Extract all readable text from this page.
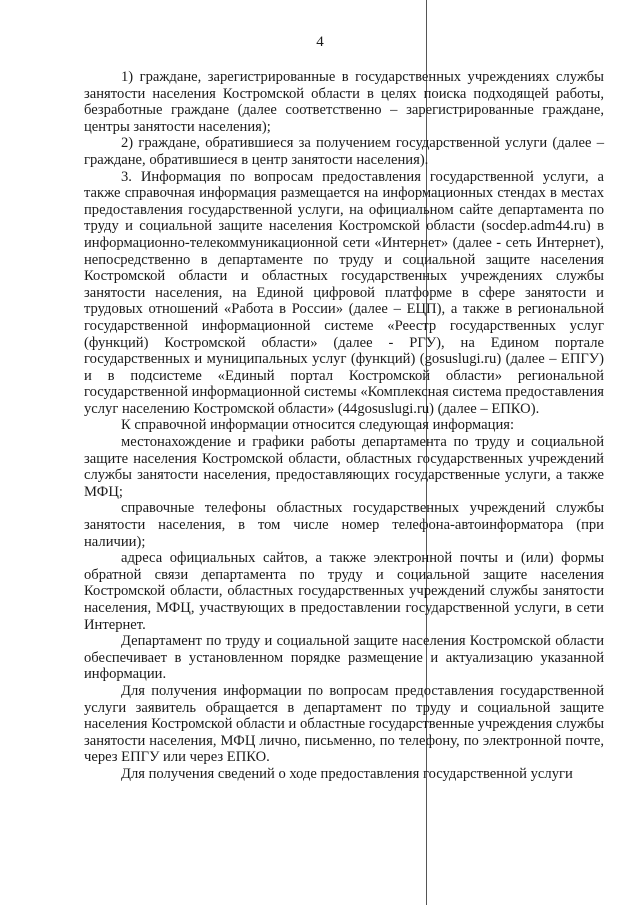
4

1) граждане, зарегистрированные в государственных учреждениях службы занятости населения Костромской области в целях поиска подходящей работы, безработные граждане (далее соответственно – зарегистрированные граждане, центры занятости населения);

2) гражданe, обратившиеся за получением государственной услуги (далее – граждане, обратившиеся в центр занятости населения).

3. Информация по вопросам предоставления государственной услуги, а также справочная информация размещается на информационных стендах в местах предоставления государственной услуги, на официальном сайте департамента по труду и социальной защите населения Костромской области (socdep.adm44.ru) в информационно-телекоммуникационной сети «Интернет» (далее - сеть Интернет), непосредственно в департаменте по труду и социальной защите населения Костромской области и областных государственных учреждениях службы занятости населения, на Единой цифровой платформе в сфере занятости и трудовых отношений «Работа в России» (далее – ЕЦП), а также в региональной государственной информационной системе «Реестр государственных услуг (функций) Костромской области» (далее - РГУ), на Едином портале государственных и муниципальных услуг (функций) (gosuslugi.ru) (далее – ЕПГУ) и в подсистеме «Единый портал Костромской области» региональной государственной информационной системы «Комплексная система предоставления услуг населению Костромской области» (44gosuslugi.ru) (далее – ЕПКО).

К справочной информации относится следующая информация:

местонахождение и графики работы департамента по труду и социальной защите населения Костромской области, областных государственных учреждений службы занятости населения, предоставляющих государственные услуги, а также МФЦ;

справочные телефоны областных государственных учреждений службы занятости населения, в том числе номер телефона-автоинформатора (при наличии);

адреса официальных сайтов, а также электронной почты и (или) формы обратной связи департамента по труду и социальной защите населения Костромской области, областных государственных учреждений службы занятости населения, МФЦ, участвующих в предоставлении государственной услуги, в сети Интернет.

Департамент по труду и социальной защите населения Костромской области обеспечивает в установленном порядке размещение и актуализацию указанной информации.

Для получения информации по вопросам предоставления государственной услуги заявитель обращается в департамент по труду и социальной защите населения Костромской области и областные государственные учреждения службы занятости населения, МФЦ лично, письменно, по телефону, по электронной почте, через ЕПГУ или через ЕПКО.

Для получения сведений о ходе предоставления государственной услуги
